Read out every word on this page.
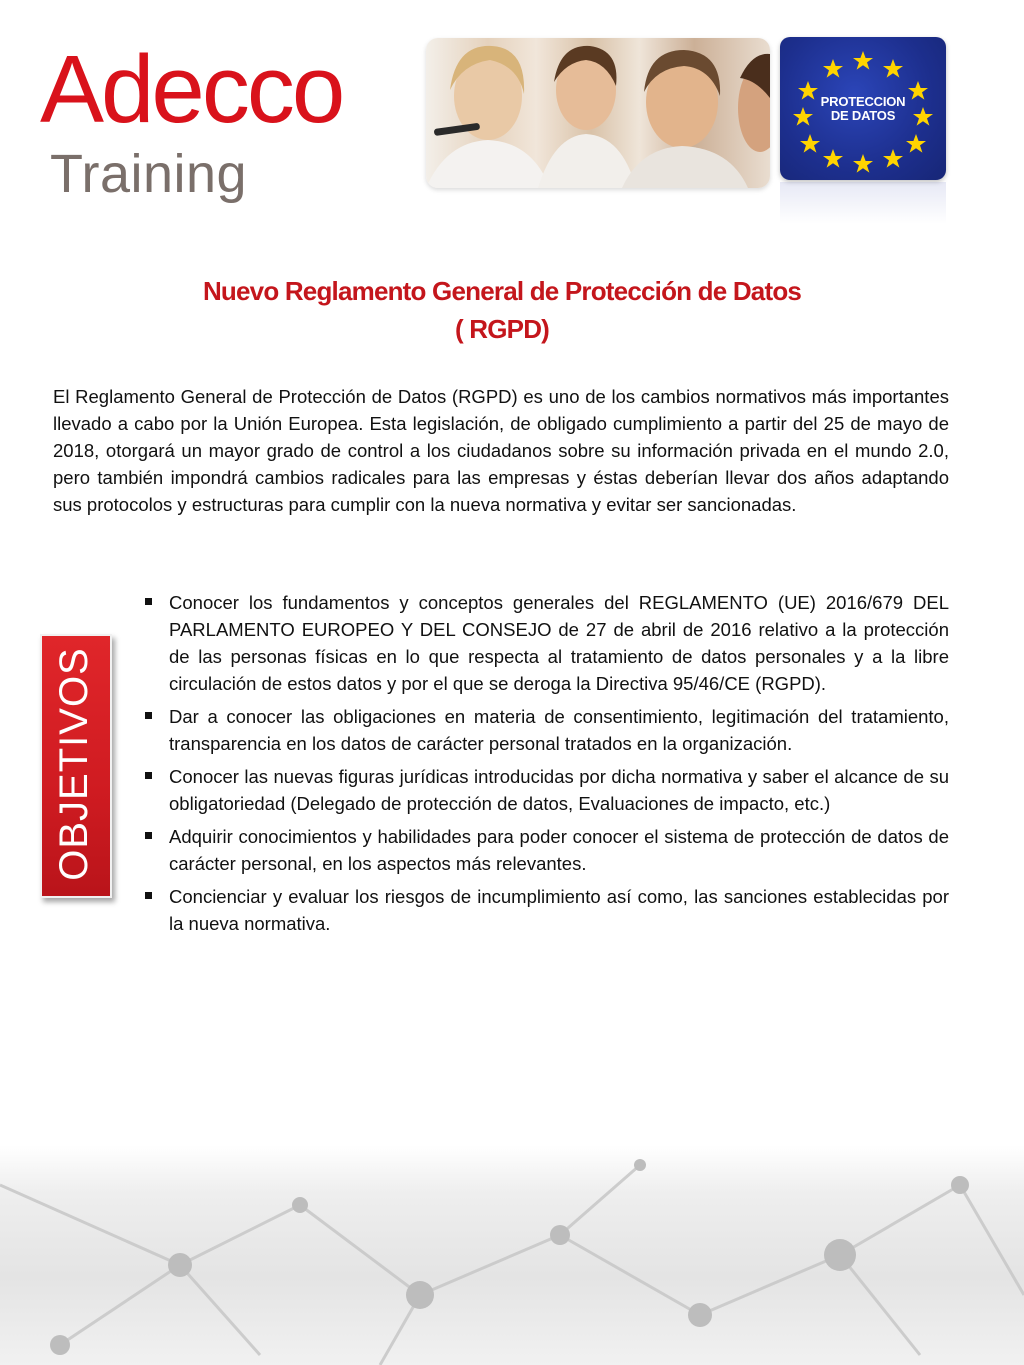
Adecco
Training
PROTECCION
DE DATOS
Nuevo Reglamento General de Protección de Datos
( RGPD)
El Reglamento General de Protección de Datos (RGPD) es uno de los cambios normativos más importantes llevado a cabo por la Unión Europea. Esta legislación, de obligado cumplimiento a partir del 25 de mayo de 2018, otorgará un mayor grado de control a los ciudadanos sobre su información privada en el mundo 2.0, pero también impondrá cambios radicales para las empresas y éstas deberían llevar dos años adaptando sus protocolos y estructuras para cumplir con la nueva normativa y evitar ser sancionadas.
OBJETIVOS
Conocer los fundamentos y conceptos generales del REGLAMENTO (UE) 2016/679 DEL PARLAMENTO EUROPEO Y DEL CONSEJO de 27 de abril de 2016 relativo a la protección de las personas físicas en lo que respecta al tratamiento de datos personales y a la libre circulación de estos datos y por el que se deroga la Directiva 95/46/CE (RGPD).
Dar a conocer las obligaciones en materia de consentimiento, legitimación del tratamiento, transparencia en los datos de carácter personal tratados en la organización.
Conocer las nuevas figuras jurídicas introducidas por dicha normativa y saber el alcance de su obligatoriedad (Delegado de protección de datos, Evaluaciones de impacto, etc.)
Adquirir conocimientos y habilidades para poder conocer el sistema de protección de datos de carácter personal, en los aspectos más relevantes.
Concienciar y evaluar los riesgos de incumplimiento así como, las sanciones establecidas por la nueva normativa.
